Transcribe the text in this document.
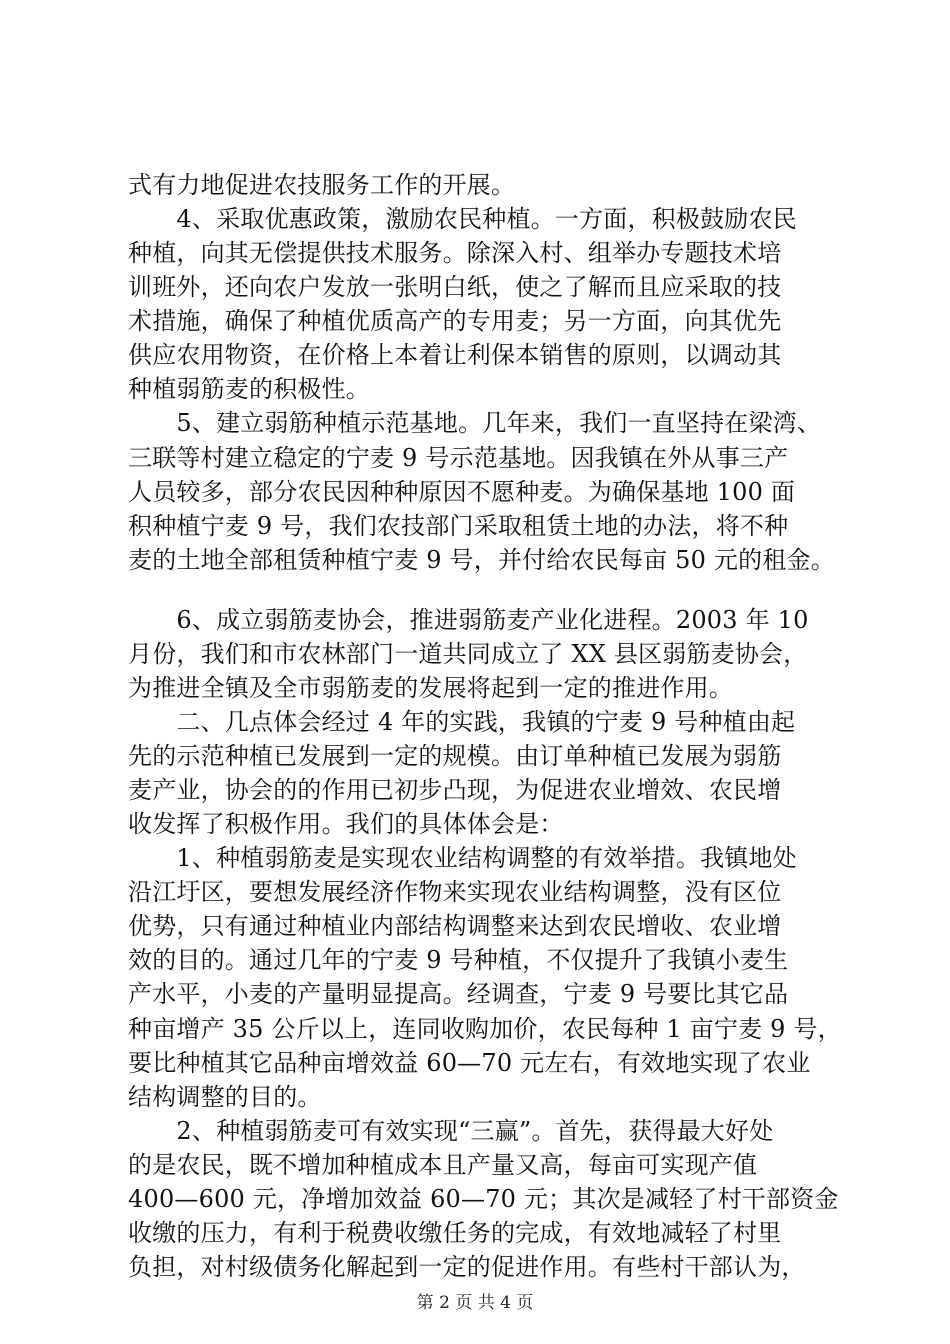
第 2 页 共 4 页
式有力地促进农技服务工作的开展。
　　4、采取优惠政策，激励农民种植。一方面，积极鼓励农民
种植，向其无偿提供技术服务。除深入村、组举办专题技术培
训班外，还向农户发放一张明白纸，使之了解而且应采取的技
术措施，确保了种植优质高产的专用麦；另一方面，向其优先
供应农用物资，在价格上本着让利保本销售的原则，以调动其
种植弱筋麦的积极性。
　　5、建立弱筋种植示范基地。几年来，我们一直坚持在梁湾、
三联等村建立稳定的宁麦 9 号示范基地。因我镇在外从事三产
人员较多，部分农民因种种原因不愿种麦。为确保基地 100 面
积种植宁麦 9 号，我们农技部门采取租赁土地的办法，将不种
麦的土地全部租赁种植宁麦 9 号，并付给农民每亩 50 元的租金。
　　6、成立弱筋麦协会，推进弱筋麦产业化进程。2003 年 10
月份，我们和市农林部门一道共同成立了 XX 县区弱筋麦协会，
为推进全镇及全市弱筋麦的发展将起到一定的推进作用。
　　二、几点体会经过 4 年的实践，我镇的宁麦 9 号种植由起
先的示范种植已发展到一定的规模。由订单种植已发展为弱筋
麦产业，协会的的作用已初步凸现，为促进农业增效、农民增
收发挥了积极作用。我们的具体体会是：
　　1、种植弱筋麦是实现农业结构调整的有效举措。我镇地处
沿江圩区，要想发展经济作物来实现农业结构调整，没有区位
优势，只有通过种植业内部结构调整来达到农民增收、农业增
效的目的。通过几年的宁麦 9 号种植，不仅提升了我镇小麦生
产水平，小麦的产量明显提高。经调查，宁麦 9 号要比其它品
种亩增产 35 公斤以上，连同收购加价，农民每种 1 亩宁麦 9 号，
要比种植其它品种亩增效益 60—70 元左右，有效地实现了农业
结构调整的目的。
　　2、种植弱筋麦可有效实现“三赢”。首先，获得最大好处
的是农民，既不增加种植成本且产量又高，每亩可实现产值
400—600 元，净增加效益 60—70 元；其次是减轻了村干部资金
收缴的压力，有利于税费收缴任务的完成，有效地减轻了村里
负担，对村级债务化解起到一定的促进作用。有些村干部认为，
